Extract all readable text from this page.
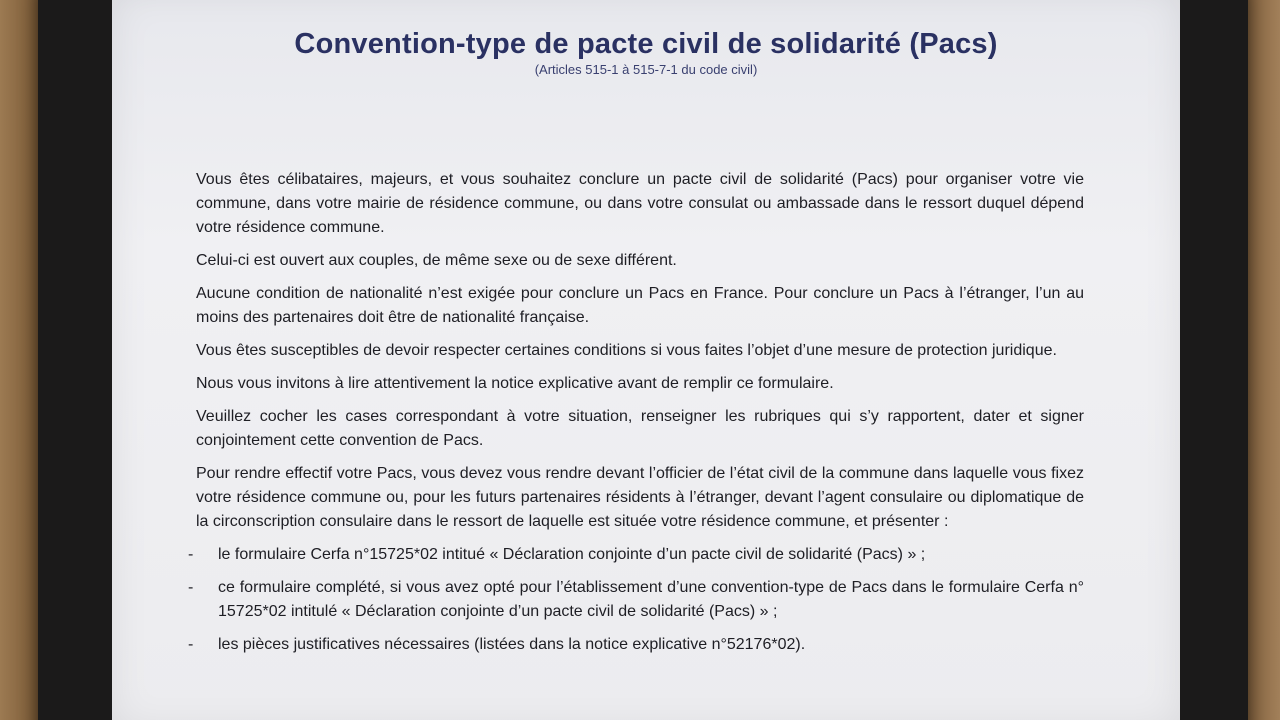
Convention-type de pacte civil de solidarité (Pacs)
(Articles 515-1 à 515-7-1 du code civil)

Vous êtes célibataires, majeurs, et vous souhaitez conclure un pacte civil de solidarité (Pacs) pour organiser votre vie commune, dans votre mairie de résidence commune, ou dans votre consulat ou ambassade dans le ressort duquel dépend votre résidence commune.

Celui-ci est ouvert aux couples, de même sexe ou de sexe différent.

Aucune condition de nationalité n’est exigée pour conclure un Pacs en France. Pour conclure un Pacs à l’étranger, l’un au moins des partenaires doit être de nationalité française.

Vous êtes susceptibles de devoir respecter certaines conditions si vous faites l’objet d’une mesure de protection juridique.

Nous vous invitons à lire attentivement la notice explicative avant de remplir ce formulaire.

Veuillez cocher les cases correspondant à votre situation, renseigner les rubriques qui s’y rapportent, dater et signer conjointement cette convention de Pacs.

Pour rendre effectif votre Pacs, vous devez vous rendre devant l’officier de l’état civil de la commune dans laquelle vous fixez votre résidence commune ou, pour les futurs partenaires résidents à l’étranger, devant l’agent consulaire ou diplomatique de la circonscription consulaire dans le ressort de laquelle est située votre résidence commune, et présenter :

- le formulaire Cerfa n°15725*02 intitué « Déclaration conjointe d’un pacte civil de solidarité (Pacs) » ;
- ce formulaire complété, si vous avez opté pour l’établissement d’une convention-type de Pacs dans le formulaire Cerfa n° 15725*02 intitulé « Déclaration conjointe d’un pacte civil de solidarité (Pacs) » ;
- les pièces justificatives nécessaires (listées dans la notice explicative n°52176*02).
